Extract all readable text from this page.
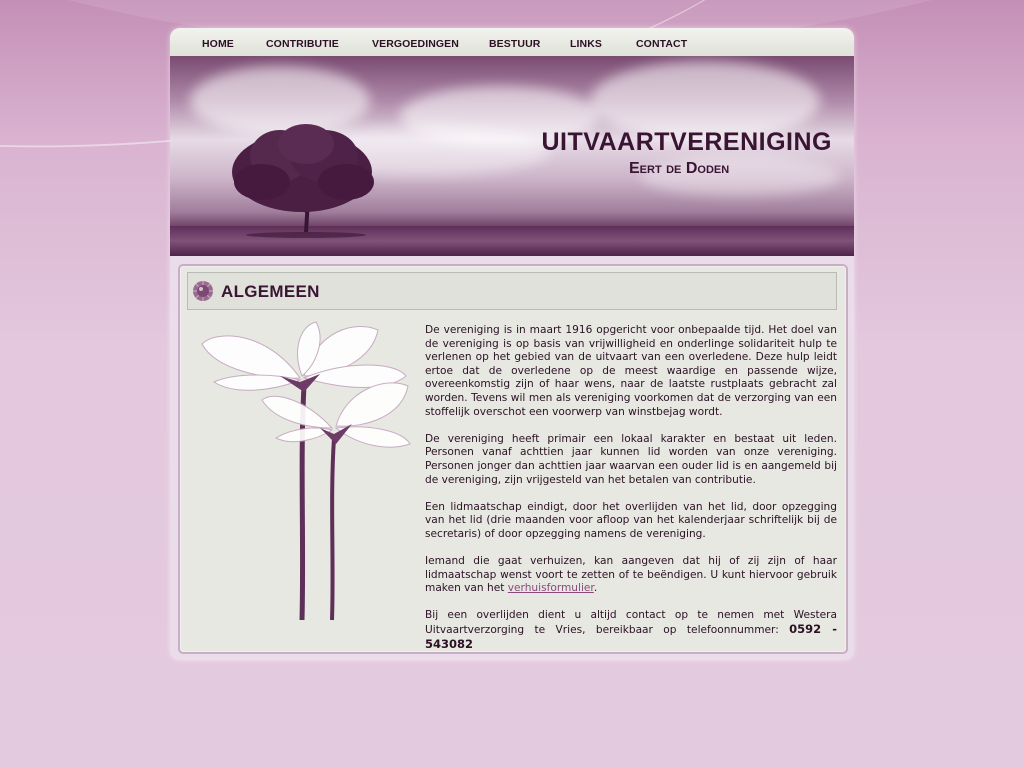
HOME	CONTRIBUTIE	VERGOEDINGEN	BESTUUR	LINKS	CONTACT
UITVAARTVERENIGING
Eert de Doden
ALGEMEEN

De vereniging is in maart 1916 opgericht voor onbepaalde tijd. Het doel van de vereniging is op basis van vrijwilligheid en onderlinge solidariteit hulp te verlenen op het gebied van de uitvaart van een overledene. Deze hulp leidt ertoe dat de overledene op de meest waardige en passende wijze, overeenkomstig zijn of haar wens, naar de laatste rustplaats gebracht zal worden. Tevens wil men als vereniging voorkomen dat de verzorging van een stoffelijk overschot een voorwerp van winstbejag wordt.

De vereniging heeft primair een lokaal karakter en bestaat uit leden. Personen vanaf achttien jaar kunnen lid worden van onze vereniging. Personen jonger dan achttien jaar waarvan een ouder lid is en aangemeld bij de vereniging, zijn vrijgesteld van het betalen van contributie.

Een lidmaatschap eindigt, door het overlijden van het lid, door opzegging van het lid (drie maanden voor afloop van het kalenderjaar schriftelijk bij de secretaris) of door opzegging namens de vereniging.

Iemand die gaat verhuizen, kan aangeven dat hij of zij zijn of haar lidmaatschap wenst voort te zetten of te beëndigen. U kunt hiervoor gebruik maken van het verhuisformulier.

Bij een overlijden dient u altijd contact op te nemen met Westera Uitvaartverzorging te Vries, bereikbaar op telefoonnummer: 0592 - 543082
